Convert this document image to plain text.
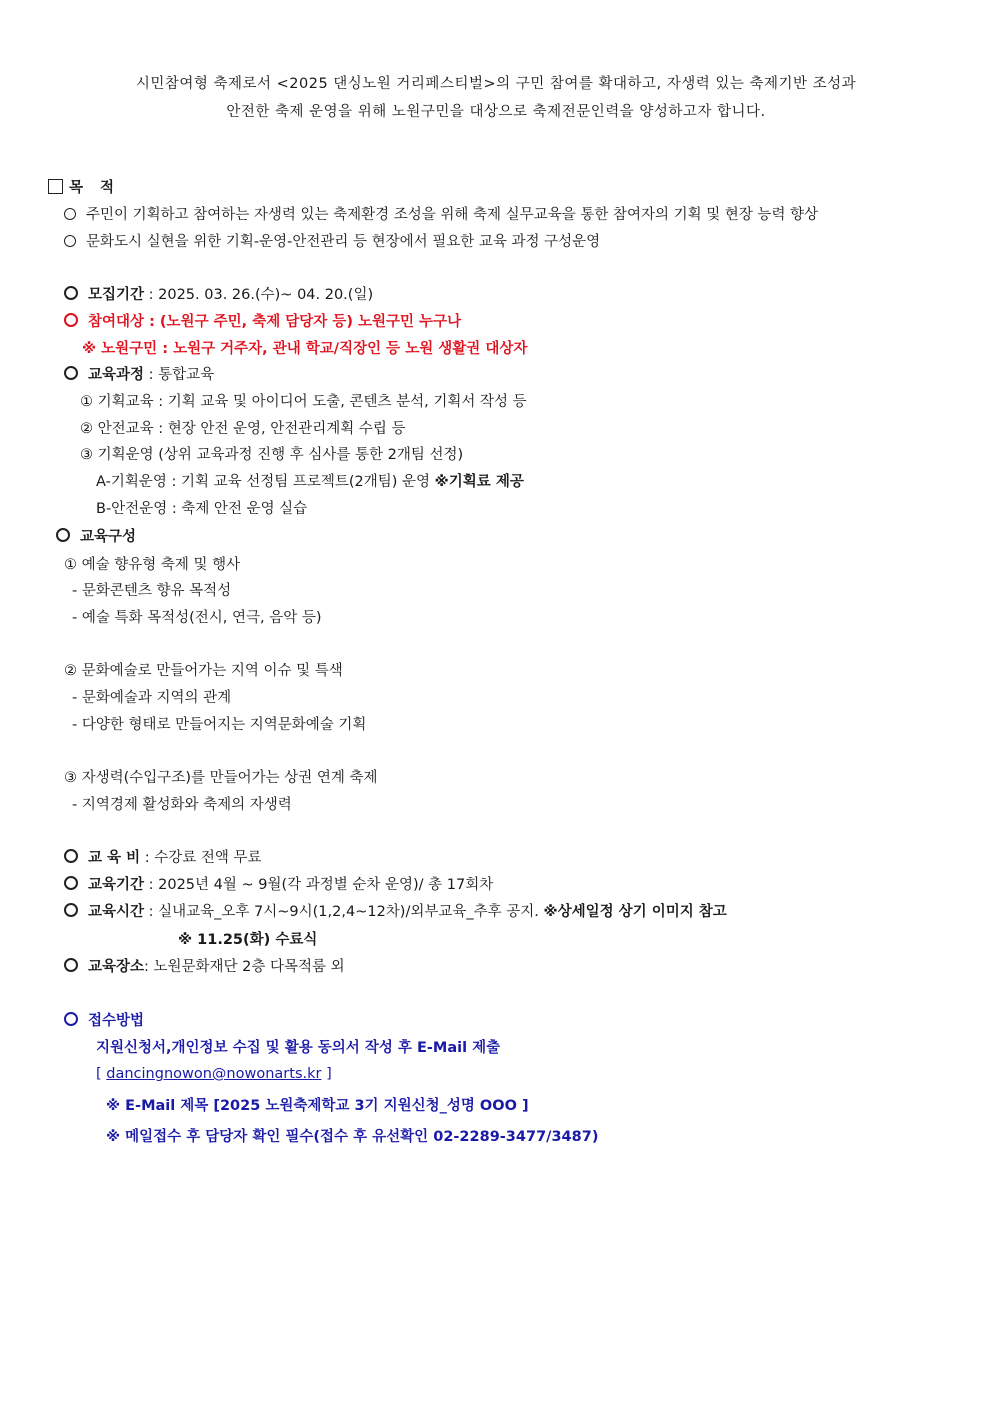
시민참여형 축제로서 <2025 댄싱노원 거리페스티벌>의 구민 참여를 확대하고, 자생력 있는 축제기반 조성과
안전한 축제 운영을 위해 노원구민을 대상으로 축제전문인력을 양성하고자 합니다.
목 적
주민이 기획하고 참여하는 자생력 있는 축제환경 조성을 위해 축제 실무교육을 통한 참여자의 기획 및 현장 능력 향상
문화도시 실현을 위한 기획-운영-안전관리 등 현장에서 필요한 교육 과정 구성운영
모집기간 : 2025. 03. 26.(수)~ 04. 20.(일)
참여대상 : (노원구 주민, 축제 담당자 등) 노원구민 누구나
※ 노원구민 : 노원구 거주자, 관내 학교/직장인 등 노원 생활권 대상자
교육과정 : 통합교육
① 기획교육 : 기획 교육 및 아이디어 도출, 콘텐츠 분석, 기획서 작성 등
② 안전교육 : 현장 안전 운영, 안전관리계획 수립 등
③ 기획운영 (상위 교육과정 진행 후 심사를 통한 2개팀 선정)
A-기획운영 : 기획 교육 선정팀 프로젝트(2개팀) 운영 ※기획료 제공
B-안전운영 : 축제 안전 운영 실습
교육구성
① 예술 향유형 축제 및 행사
- 문화콘텐츠 향유 목적성
- 예술 특화 목적성(전시, 연극, 음악 등)
② 문화예술로 만들어가는 지역 이슈 및 특색
- 문화예술과 지역의 관계
- 다양한 형태로 만들어지는 지역문화예술 기획
③ 자생력(수입구조)를 만들어가는 상권 연계 축제
- 지역경제 활성화와 축제의 자생력
교 육 비 : 수강료 전액 무료
교육기간 : 2025년 4월 ~ 9월(각 과정별 순차 운영)/ 총 17회차
교육시간 : 실내교육_오후 7시~9시(1,2,4~12차)/외부교육_추후 공지. ※상세일정 상기 이미지 참고
※ 11.25(화) 수료식
교육장소: 노원문화재단 2층 다목적룸 외
접수방법
지원신청서,개인정보 수집 및 활용 동의서 작성 후 E-Mail 제출
[ dancingnowon@nowonarts.kr ]
※ E-Mail 제목 [2025 노원축제학교 3기 지원신청_성명 OOO ]
※ 메일접수 후 담당자 확인 필수(접수 후 유선확인 02-2289-3477/3487)
